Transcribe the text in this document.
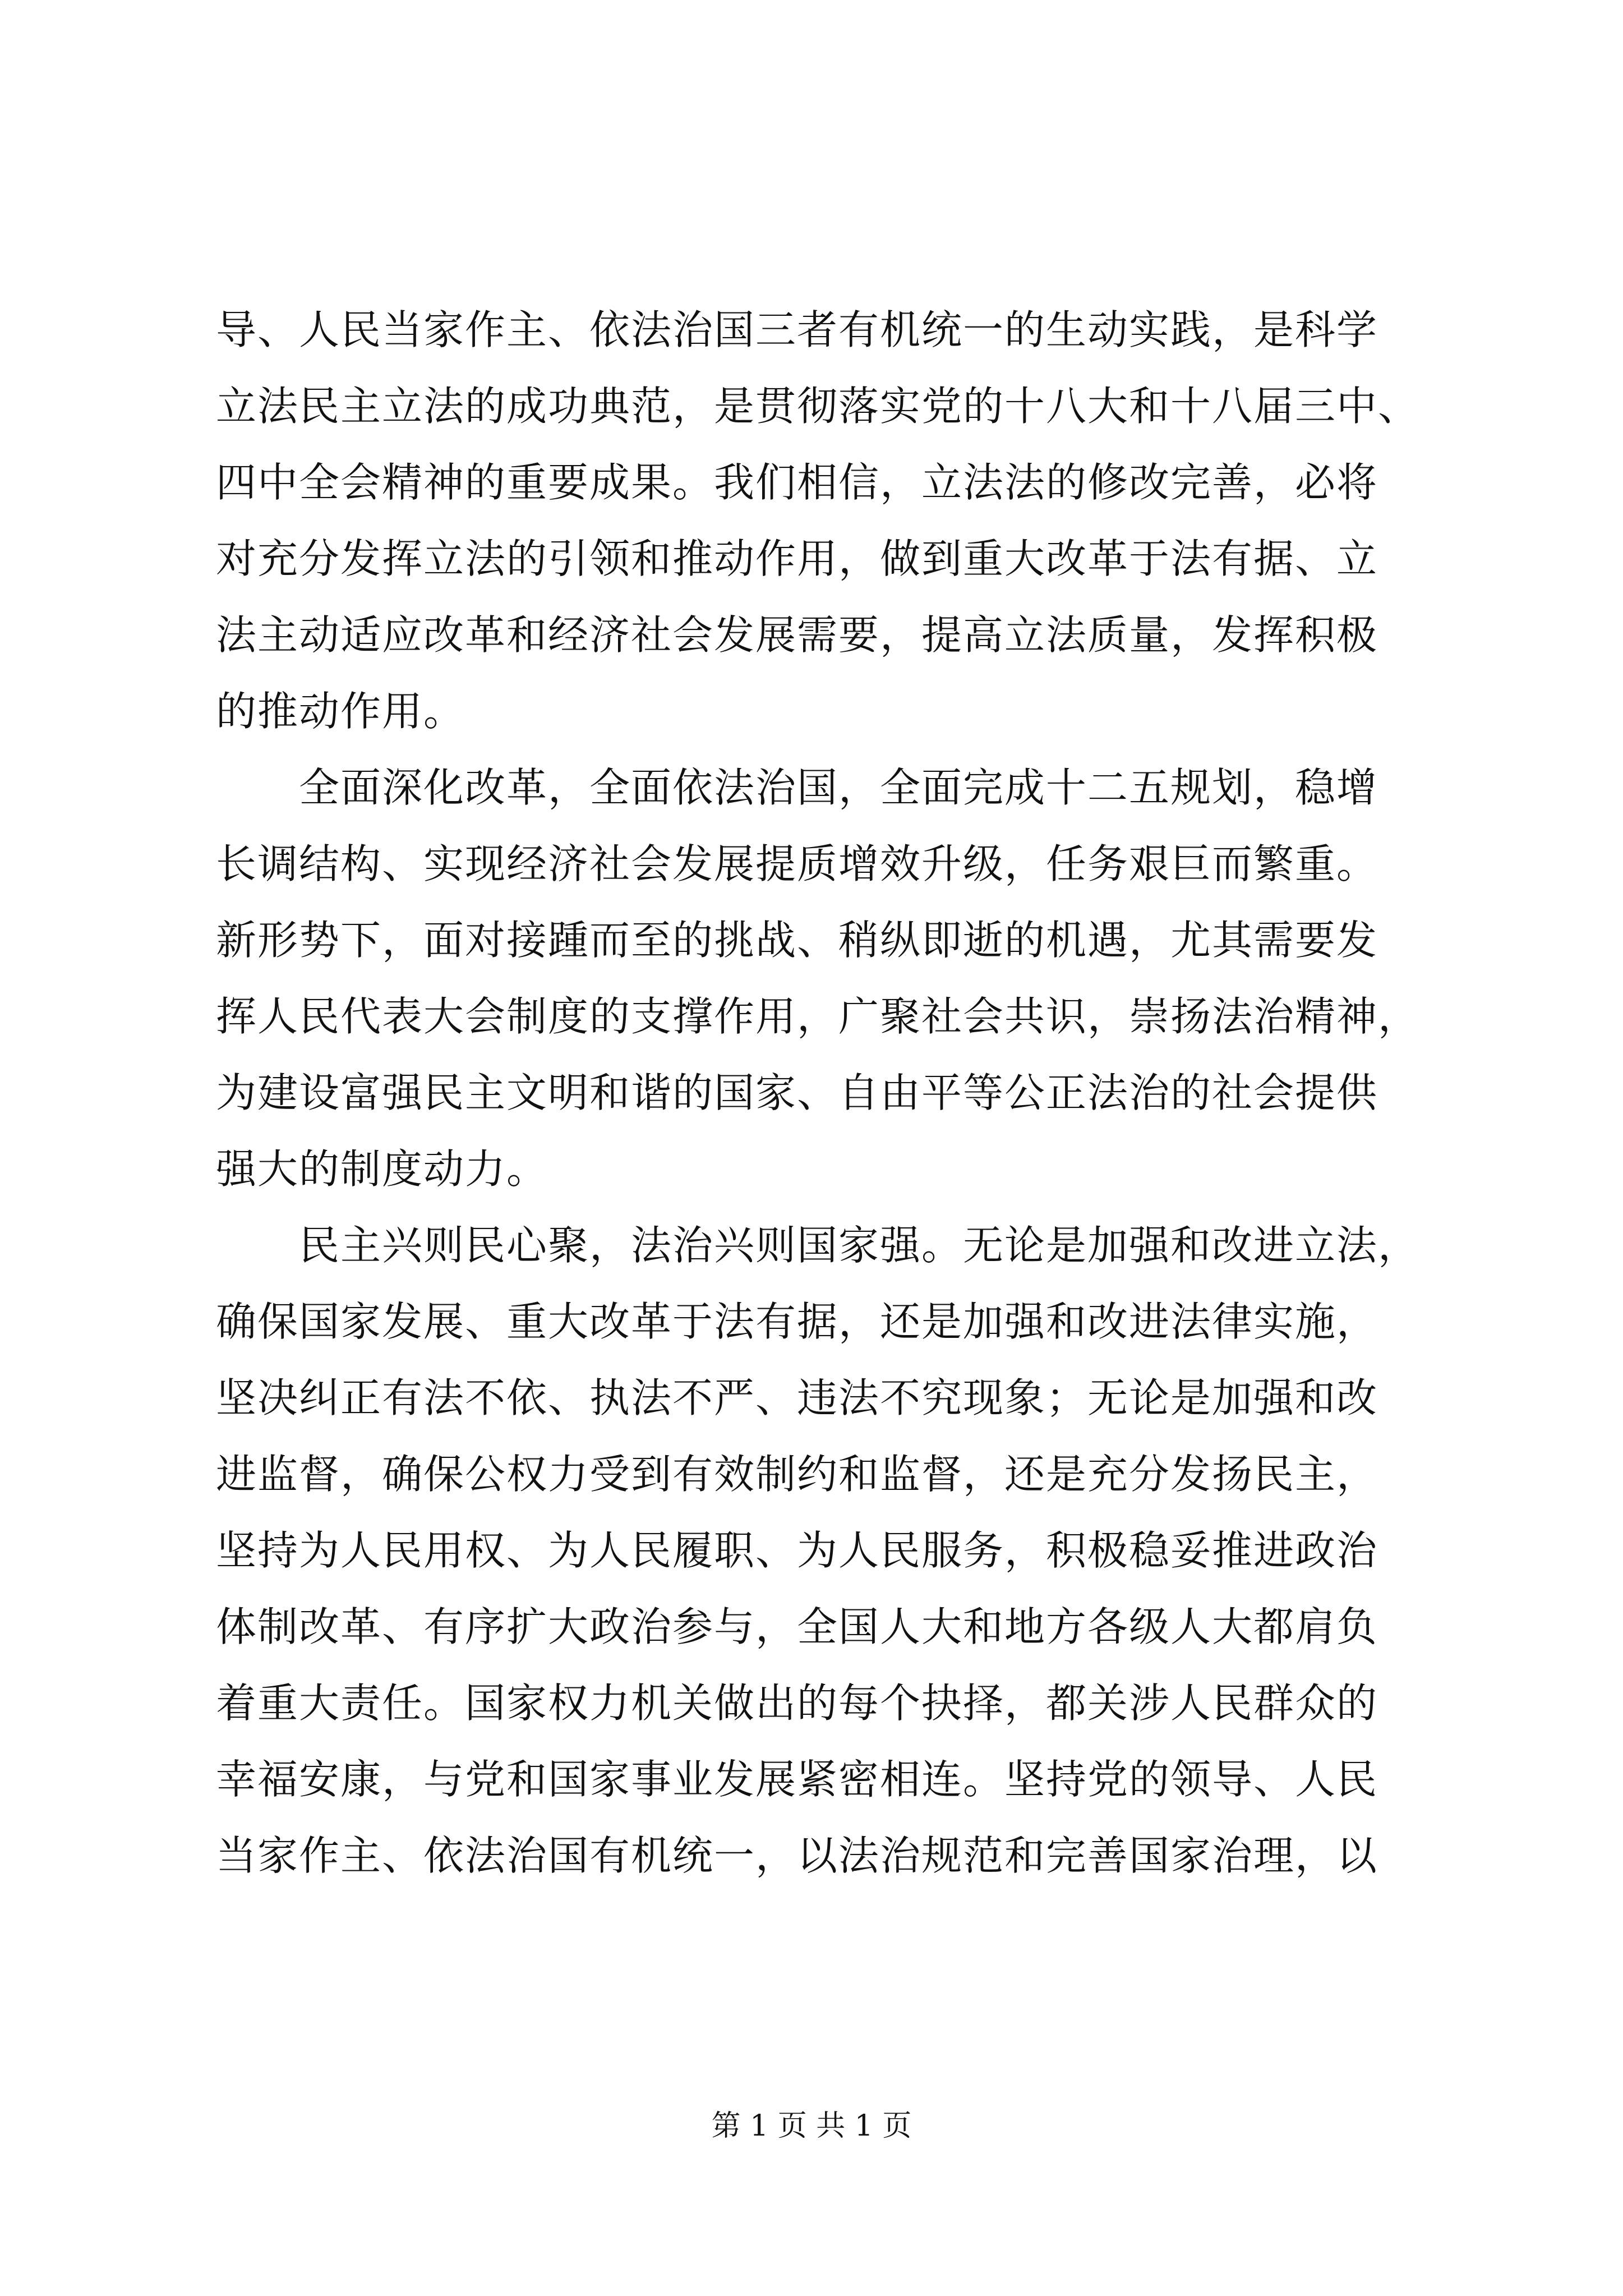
导、人民当家作主、依法治国三者有机统一的生动实践，是科学
立法民主立法的成功典范，是贯彻落实党的十八大和十八届三中、
四中全会精神的重要成果。我们相信，立法法的修改完善，必将
对充分发挥立法的引领和推动作用，做到重大改革于法有据、立
法主动适应改革和经济社会发展需要，提高立法质量，发挥积极
的推动作用。
　　全面深化改革，全面依法治国，全面完成十二五规划，稳增
长调结构、实现经济社会发展提质增效升级，任务艰巨而繁重。
新形势下，面对接踵而至的挑战、稍纵即逝的机遇，尤其需要发
挥人民代表大会制度的支撑作用，广聚社会共识，崇扬法治精神，
为建设富强民主文明和谐的国家、自由平等公正法治的社会提供
强大的制度动力。
　　民主兴则民心聚，法治兴则国家强。无论是加强和改进立法，
确保国家发展、重大改革于法有据，还是加强和改进法律实施，
坚决纠正有法不依、执法不严、违法不究现象；无论是加强和改
进监督，确保公权力受到有效制约和监督，还是充分发扬民主，
坚持为人民用权、为人民履职、为人民服务，积极稳妥推进政治
体制改革、有序扩大政治参与，全国人大和地方各级人大都肩负
着重大责任。国家权力机关做出的每个抉择，都关涉人民群众的
幸福安康，与党和国家事业发展紧密相连。坚持党的领导、人民
当家作主、依法治国有机统一，以法治规范和完善国家治理，以
第 1 页 共 1 页
